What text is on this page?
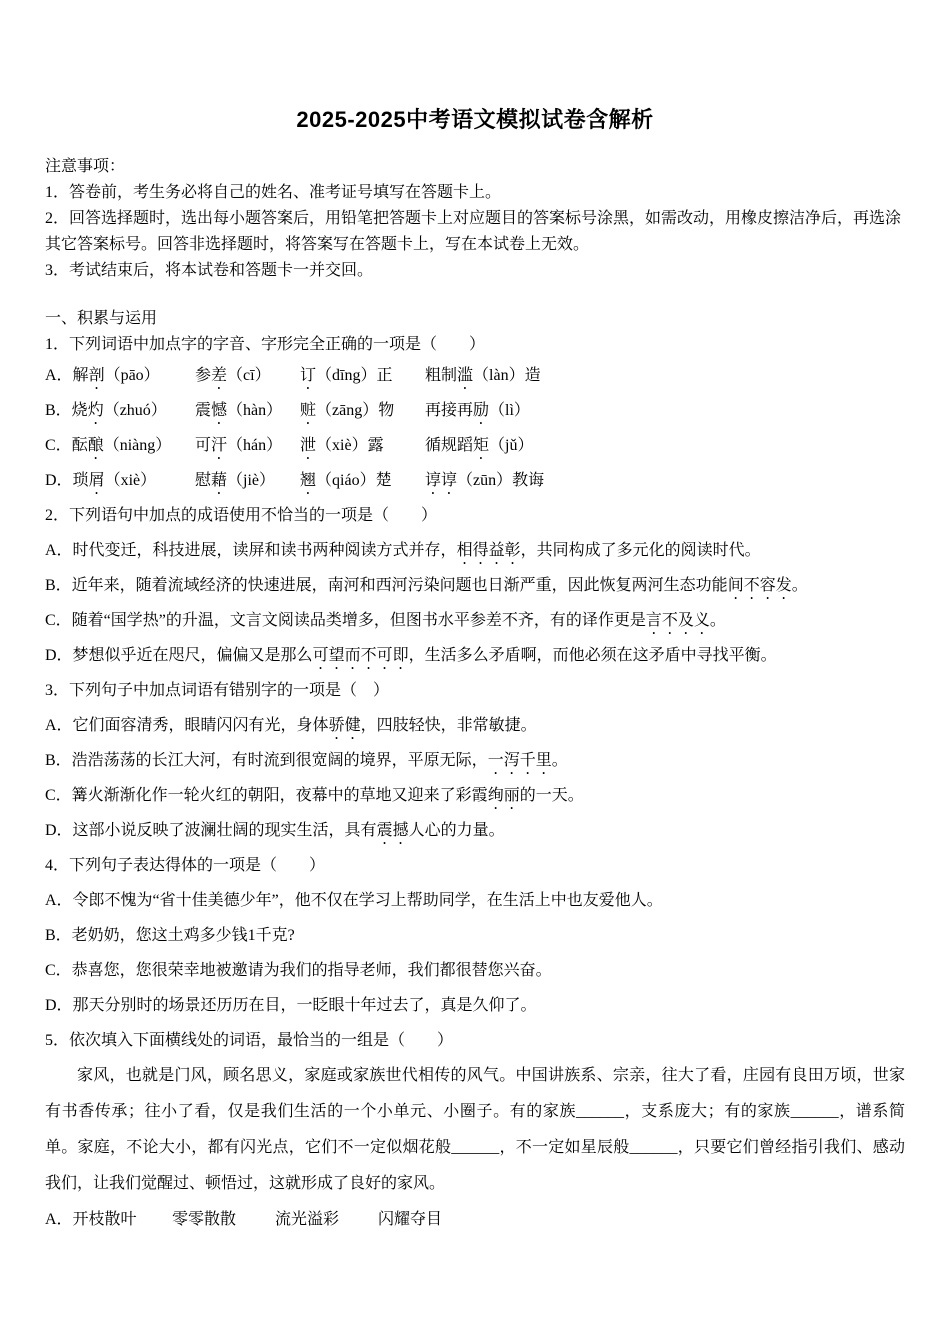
2025-2025中考语文模拟试卷含解析
注意事项：
1．答卷前，考生务必将自己的姓名、准考证号填写在答题卡上。
2．回答选择题时，选出每小题答案后，用铅笔把答题卡上对应题目的答案标号涂黑，如需改动，用橡皮擦洁净后，再选涂其它答案标号。回答非选择题时，将答案写在答题卡上，写在本试卷上无效。
3．考试结束后，将本试卷和答题卡一并交回。
一、积累与运用
1．下列词语中加点字的字音、字形完全正确的一项是（　　）
A．解剖（pāo）	参差（cī）	订（dīng）正	粗制滥（làn）造
B．烧灼（zhuó）	震憾（hàn）	赃（zāng）物	再接再励（lì）
C．酝酿（niàng）	可汗（hán）	泄（xiè）露	循规蹈矩（jǔ）
D．琐屑（xiè）	慰藉（jiè）	翘（qiáo）楚	谆谆（zūn）教诲
2．下列语句中加点的成语使用不恰当的一项是（　　）
A．时代变迁，科技进展，读屏和读书两种阅读方式并存，相得益彰，共同构成了多元化的阅读时代。
B．近年来，随着流域经济的快速进展，南河和西河污染问题也日渐严重，因此恢复两河生态功能间不容发。
C．随着“国学热”的升温，文言文阅读品类增多，但图书水平参差不齐，有的译作更是言不及义。
D．梦想似乎近在咫尺，偏偏又是那么可望而不可即，生活多么矛盾啊，而他必须在这矛盾中寻找平衡。
3．下列句子中加点词语有错别字的一项是（　）
A．它们面容清秀，眼睛闪闪有光，身体骄健，四肢轻快，非常敏捷。
B．浩浩荡荡的长江大河，有时流到很宽阔的境界，平原无际，一泻千里。
C．篝火渐渐化作一轮火红的朝阳，夜幕中的草地又迎来了彩霞绚丽的一天。
D．这部小说反映了波澜壮阔的现实生活，具有震撼人心的力量。
4．下列句子表达得体的一项是（　　）
A．令郎不愧为“省十佳美德少年”，他不仅在学习上帮助同学，在生活上中也友爱他人。
B．老奶奶，您这土鸡多少钱1千克?
C．恭喜您，您很荣幸地被邀请为我们的指导老师，我们都很替您兴奋。
D．那天分别时的场景还历历在目，一眨眼十年过去了，真是久仰了。
5．依次填入下面横线处的词语，最恰当的一组是（　　）
家风，也就是门风，顾名思义，家庭或家族世代相传的风气。中国讲族系、宗亲，往大了看，庄园有良田万顷，世家有书香传承；往小了看，仅是我们生活的一个小单元、小圈子。有的家族______，支系庞大；有的家族______，谱系简单。家庭，不论大小，都有闪光点，它们不一定似烟花般______，不一定如星辰般______，只要它们曾经指引我们、感动我们，让我们觉醒过、顿悟过，这就形成了良好的家风。
A．开枝散叶	零零散散	流光溢彩	闪耀夺目
